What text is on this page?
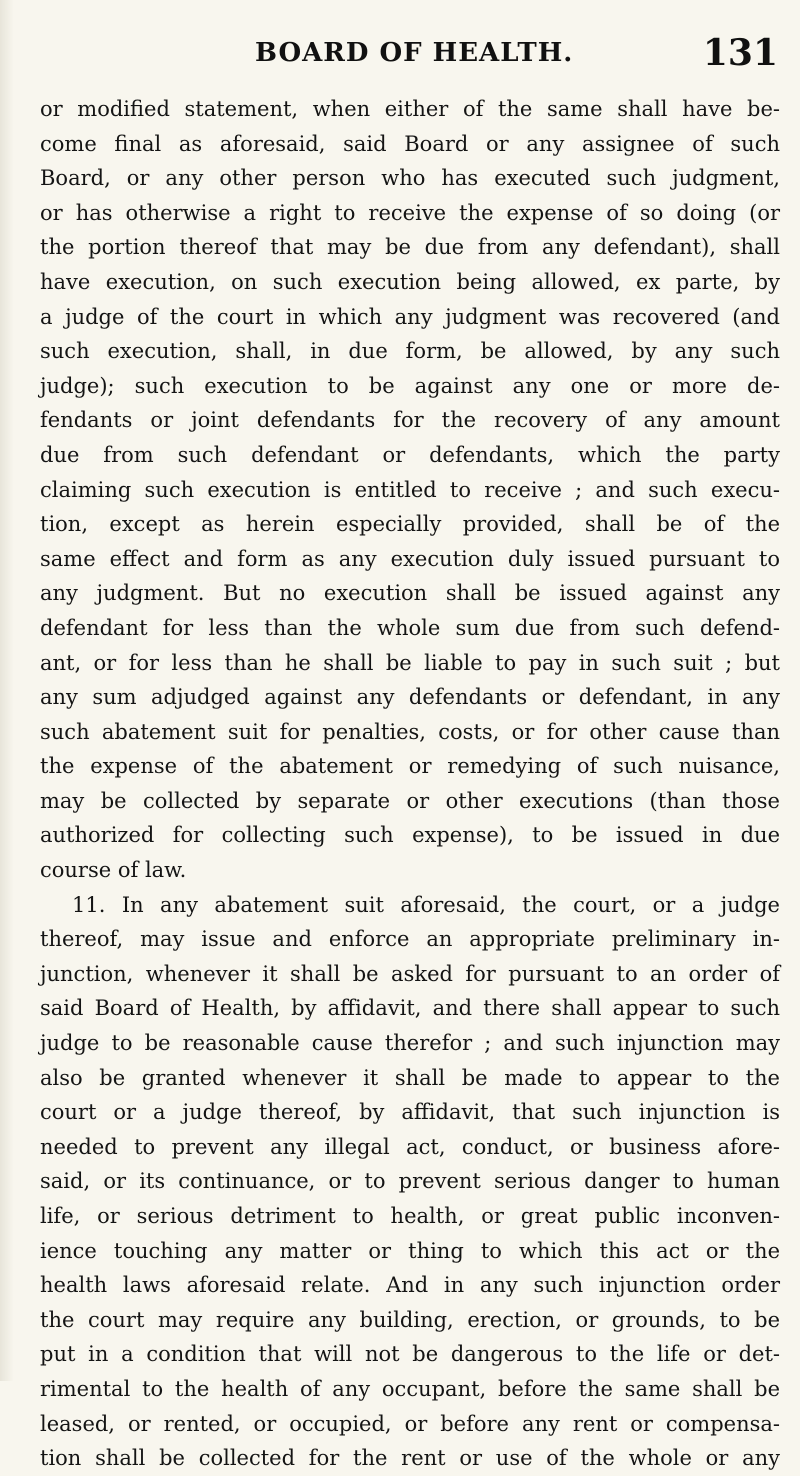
BOARD OF HEALTH.	131
or modified statement, when either of the same shall have be-
come final as aforesaid, said Board or any assignee of such
Board, or any other person who has executed such judgment,
or has otherwise a right to receive the expense of so doing (or
the portion thereof that may be due from any defendant), shall
have execution, on such execution being allowed, ex parte, by
a judge of the court in which any judgment was recovered (and
such execution, shall, in due form, be allowed, by any such
judge); such execution to be against any one or more de-
fendants or joint defendants for the recovery of any amount
due from such defendant or defendants, which the party
claiming such execution is entitled to receive ; and such execu-
tion, except as herein especially provided, shall be of the
same effect and form as any execution duly issued pursuant to
any judgment. But no execution shall be issued against any
defendant for less than the whole sum due from such defend-
ant, or for less than he shall be liable to pay in such suit ; but
any sum adjudged against any defendants or defendant, in any
such abatement suit for penalties, costs, or for other cause than
the expense of the abatement or remedying of such nuisance,
may be collected by separate or other executions (than those
authorized for collecting such expense), to be issued in due
course of law.
11. In any abatement suit aforesaid, the court, or a judge
thereof, may issue and enforce an appropriate preliminary in-
junction, whenever it shall be asked for pursuant to an order of
said Board of Health, by affidavit, and there shall appear to such
judge to be reasonable cause therefor ; and such injunction may
also be granted whenever it shall be made to appear to the
court or a judge thereof, by affidavit, that such injunction is
needed to prevent any illegal act, conduct, or business afore-
said, or its continuance, or to prevent serious danger to human
life, or serious detriment to health, or great public inconven-
ience touching any matter or thing to which this act or the
health laws aforesaid relate. And in any such injunction order
the court may require any building, erection, or grounds, to be
put in a condition that will not be dangerous to the life or det-
rimental to the health of any occupant, before the same shall be
leased, or rented, or occupied, or before any rent or compensa-
tion shall be collected for the rent or use of the whole or any
